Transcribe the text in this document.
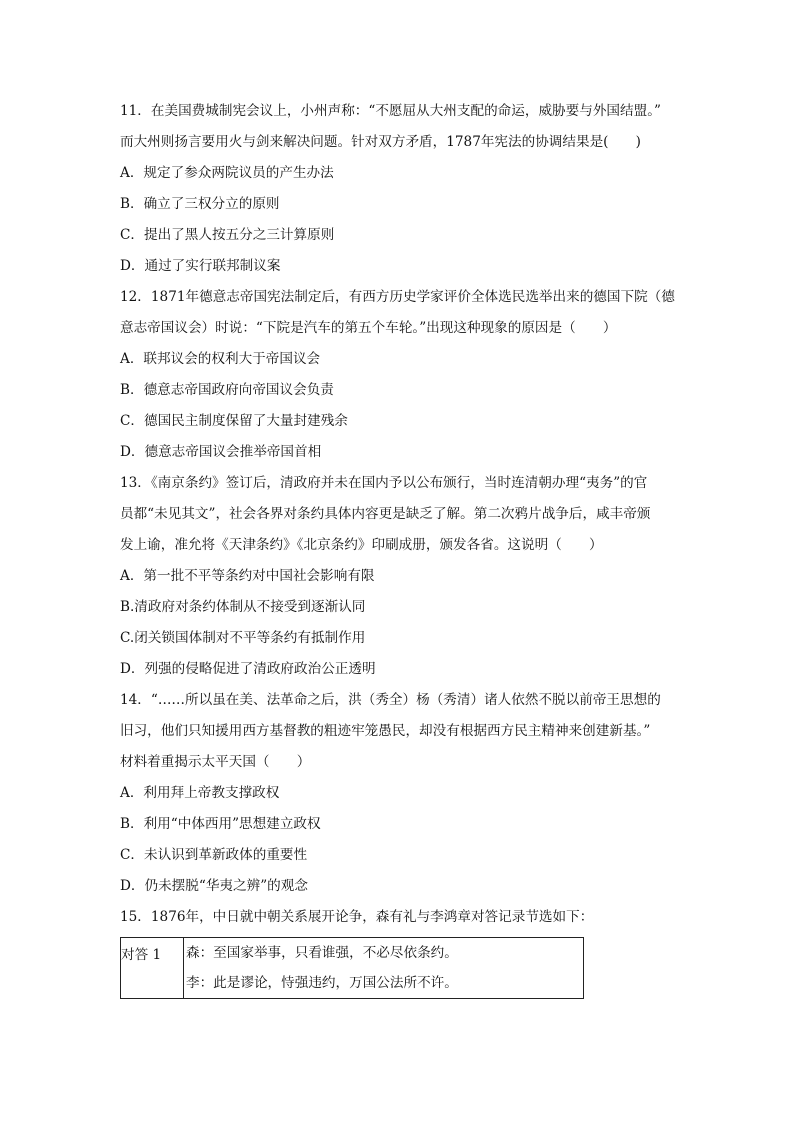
11．在美国费城制宪会议上，小州声称：“不愿屈从大州支配的命运，威胁要与外国结盟。”
而大州则扬言要用火与剑来解决问题。针对双方矛盾，1787年宪法的协调结果是(　　)
A．规定了参众两院议员的产生办法
B．确立了三权分立的原则
C．提出了黑人按五分之三计算原则
D．通过了实行联邦制议案
12．1871年德意志帝国宪法制定后，有西方历史学家评价全体选民选举出来的德国下院（德
意志帝国议会）时说：“下院是汽车的第五个车轮。”出现这种现象的原因是（　　）
A．联邦议会的权利大于帝国议会
B．德意志帝国政府向帝国议会负责
C．德国民主制度保留了大量封建残余
D．德意志帝国议会推举帝国首相
13．《南京条约》签订后，清政府并未在国内予以公布颁行，当时连清朝办理“夷务”的官
员都“未见其文”，社会各界对条约具体内容更是缺乏了解。第二次鸦片战争后，咸丰帝颁
发上谕，准允将《天津条约》《北京条约》印刷成册，颁发各省。这说明（　　）
A．第一批不平等条约对中国社会影响有限
B.清政府对条约体制从不接受到逐渐认同
C.闭关锁国体制对不平等条约有抵制作用
D．列强的侵略促进了清政府政治公正透明
14．“……所以虽在美、法革命之后，洪（秀全）杨（秀清）诸人依然不脱以前帝王思想的
旧习，他们只知援用西方基督教的粗迹牢笼愚民，却没有根据西方民主精神来创建新基。”
材料着重揭示太平天国（　　）
A．利用拜上帝教支撑政权
B．利用“中体西用”思想建立政权
C．未认识到革新政体的重要性
D．仍未摆脱“华夷之辨”的观念
15．1876年，中日就中朝关系展开论争，森有礼与李鸿章对答记录节选如下：
对答 1	森：至国家举事，只看谁强，不必尽依条约。
李：此是谬论，恃强违约，万国公法所不许。
